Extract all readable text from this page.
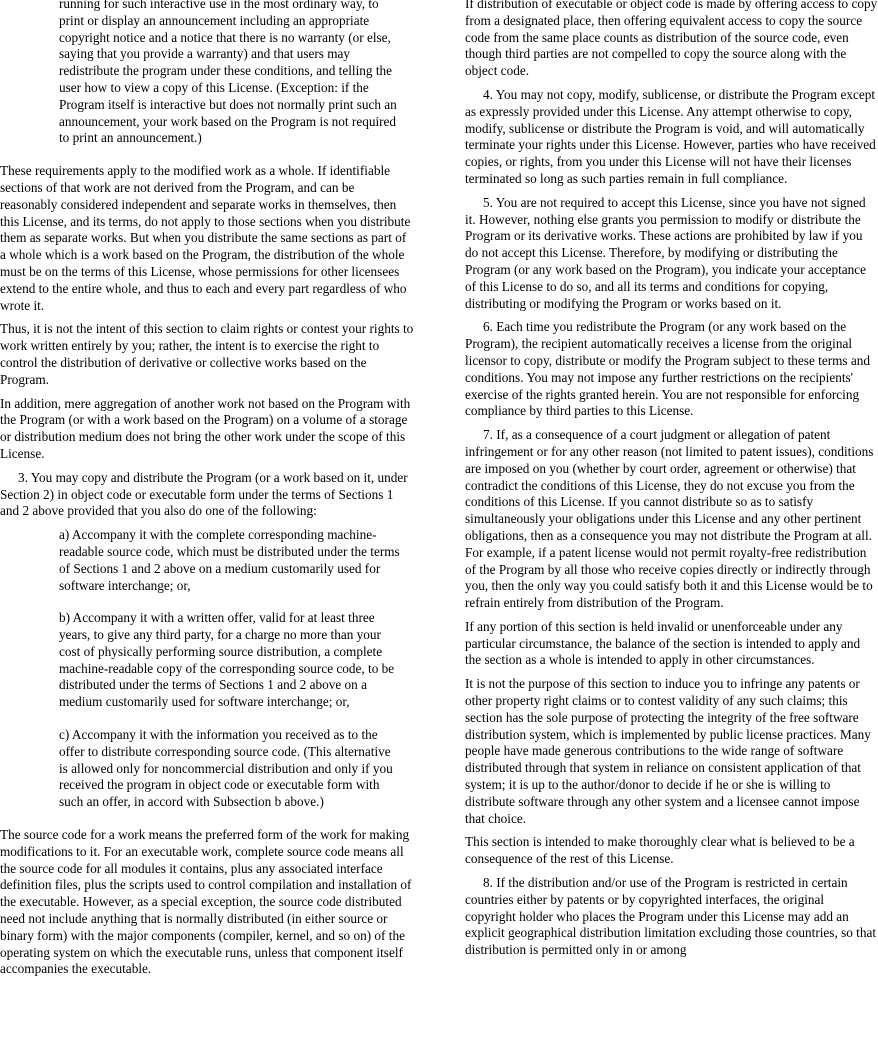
running for such interactive use in the most ordinary way, to print or display an announcement including an appropriate copyright notice and a notice that there is no warranty (or else, saying that you provide a warranty) and that users may redistribute the program under these conditions, and telling the user how to view a copy of this License. (Exception: if the Program itself is interactive but does not normally print such an announcement, your work based on the Program is not required to print an announcement.)

These requirements apply to the modified work as a whole. If identifiable sections of that work are not derived from the Program, and can be reasonably considered independent and separate works in themselves, then this License, and its terms, do not apply to those sections when you distribute them as separate works. But when you distribute the same sections as part of a whole which is a work based on the Program, the distribution of the whole must be on the terms of this License, whose permissions for other licensees extend to the entire whole, and thus to each and every part regardless of who wrote it.

Thus, it is not the intent of this section to claim rights or contest your rights to work written entirely by you; rather, the intent is to exercise the right to control the distribution of derivative or collective works based on the Program.

In addition, mere aggregation of another work not based on the Program with the Program (or with a work based on the Program) on a volume of a storage or distribution medium does not bring the other work under the scope of this License.

3. You may copy and distribute the Program (or a work based on it, under Section 2) in object code or executable form under the terms of Sections 1 and 2 above provided that you also do one of the following:

a) Accompany it with the complete corresponding machine-readable source code, which must be distributed under the terms of Sections 1 and 2 above on a medium customarily used for software interchange; or,

b) Accompany it with a written offer, valid for at least three years, to give any third party, for a charge no more than your cost of physically performing source distribution, a complete machine-readable copy of the corresponding source code, to be distributed under the terms of Sections 1 and 2 above on a medium customarily used for software interchange; or,

c) Accompany it with the information you received as to the offer to distribute corresponding source code. (This alternative is allowed only for noncommercial distribution and only if you received the program in object code or executable form with such an offer, in accord with Subsection b above.)

The source code for a work means the preferred form of the work for making modifications to it. For an executable work, complete source code means all the source code for all modules it contains, plus any associated interface definition files, plus the scripts used to control compilation and installation of the executable. However, as a special exception, the source code distributed need not include anything that is normally distributed (in either source or binary form) with the major components (compiler, kernel, and so on) of the operating system on which the executable runs, unless that component itself accompanies the executable.

If distribution of executable or object code is made by offering access to copy from a designated place, then offering equivalent access to copy the source code from the same place counts as distribution of the source code, even though third parties are not compelled to copy the source along with the object code.

4. You may not copy, modify, sublicense, or distribute the Program except as expressly provided under this License. Any attempt otherwise to copy, modify, sublicense or distribute the Program is void, and will automatically terminate your rights under this License. However, parties who have received copies, or rights, from you under this License will not have their licenses terminated so long as such parties remain in full compliance.

5. You are not required to accept this License, since you have not signed it. However, nothing else grants you permission to modify or distribute the Program or its derivative works. These actions are prohibited by law if you do not accept this License. Therefore, by modifying or distributing the Program (or any work based on the Program), you indicate your acceptance of this License to do so, and all its terms and conditions for copying, distributing or modifying the Program or works based on it.

6. Each time you redistribute the Program (or any work based on the Program), the recipient automatically receives a license from the original licensor to copy, distribute or modify the Program subject to these terms and conditions. You may not impose any further restrictions on the recipients' exercise of the rights granted herein. You are not responsible for enforcing compliance by third parties to this License.

7. If, as a consequence of a court judgment or allegation of patent infringement or for any other reason (not limited to patent issues), conditions are imposed on you (whether by court order, agreement or otherwise) that contradict the conditions of this License, they do not excuse you from the conditions of this License. If you cannot distribute so as to satisfy simultaneously your obligations under this License and any other pertinent obligations, then as a consequence you may not distribute the Program at all. For example, if a patent license would not permit royalty-free redistribution of the Program by all those who receive copies directly or indirectly through you, then the only way you could satisfy both it and this License would be to refrain entirely from distribution of the Program.

If any portion of this section is held invalid or unenforceable under any particular circumstance, the balance of the section is intended to apply and the section as a whole is intended to apply in other circumstances.

It is not the purpose of this section to induce you to infringe any patents or other property right claims or to contest validity of any such claims; this section has the sole purpose of protecting the integrity of the free software distribution system, which is implemented by public license practices. Many people have made generous contributions to the wide range of software distributed through that system in reliance on consistent application of that system; it is up to the author/donor to decide if he or she is willing to distribute software through any other system and a licensee cannot impose that choice.

This section is intended to make thoroughly clear what is believed to be a consequence of the rest of this License.

8. If the distribution and/or use of the Program is restricted in certain countries either by patents or by copyrighted interfaces, the original copyright holder who places the Program under this License may add an explicit geographical distribution limitation excluding those countries, so that distribution is permitted only in or among
